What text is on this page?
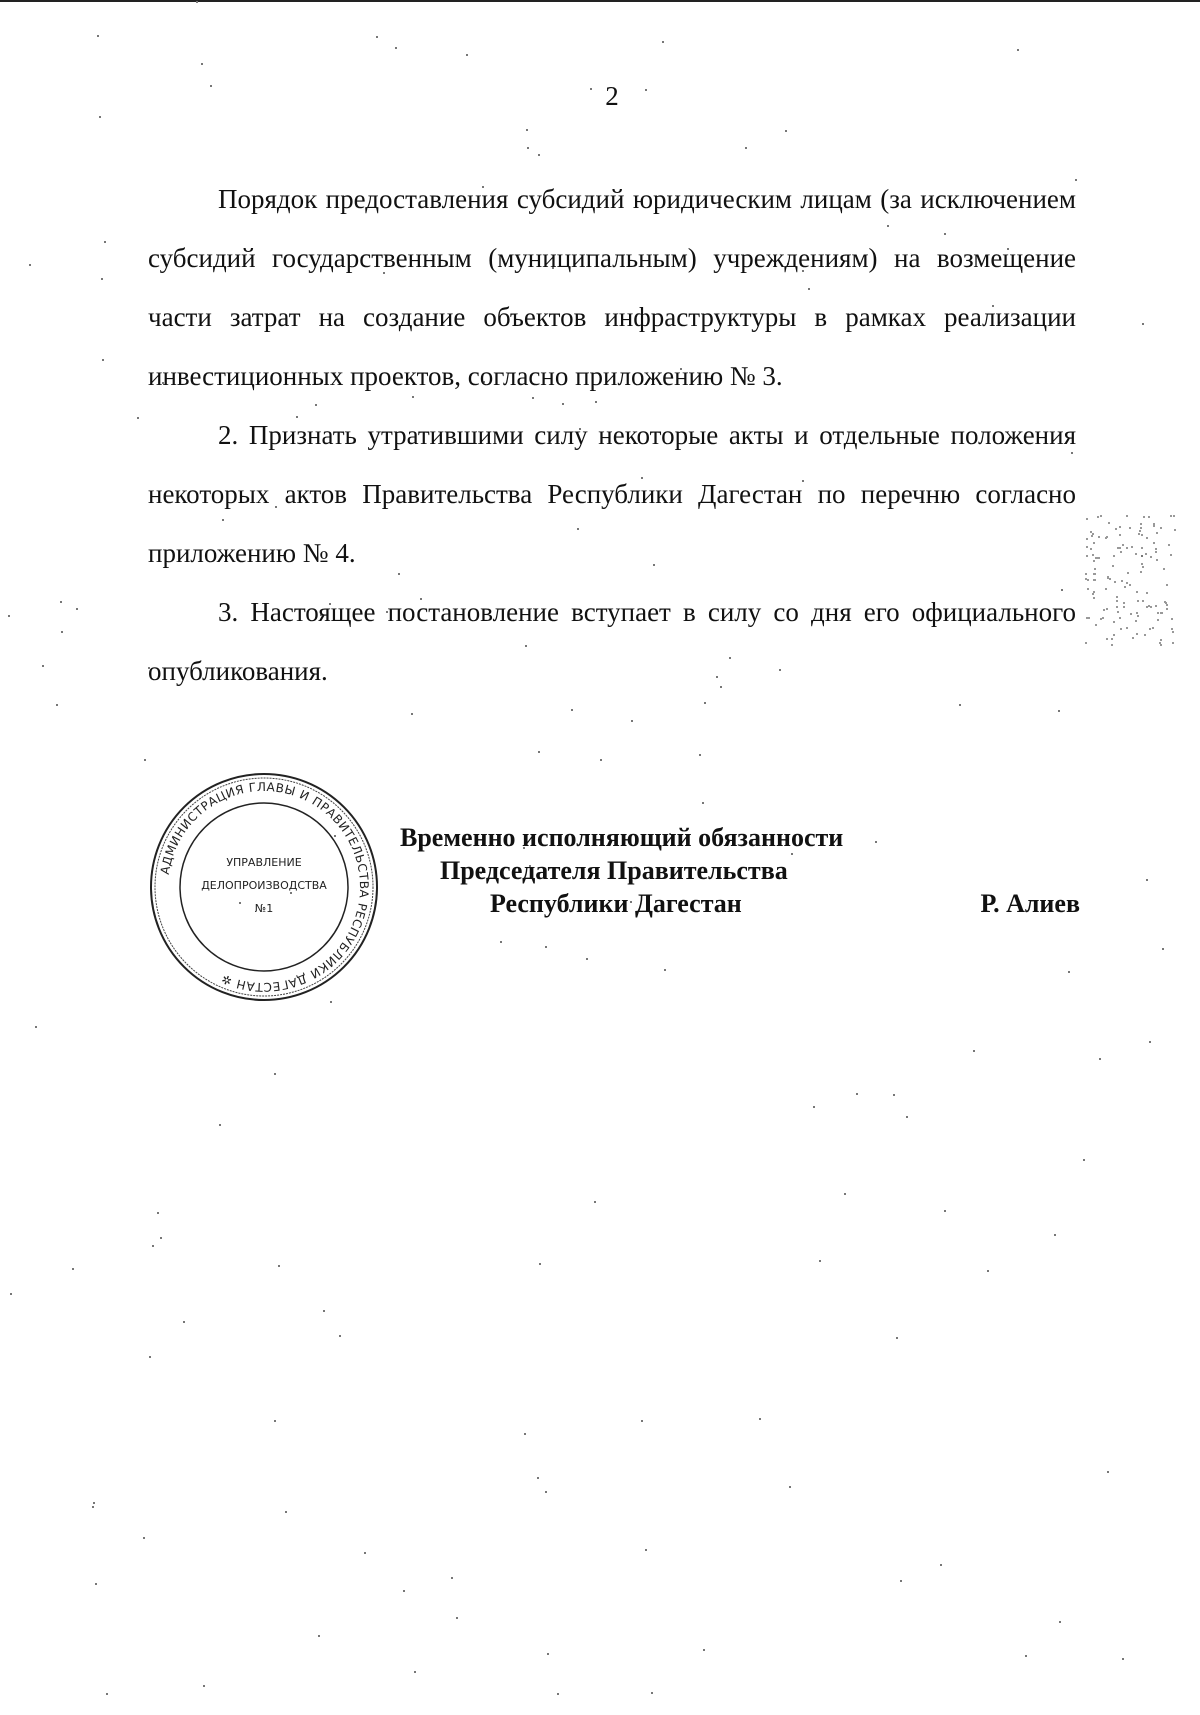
2

Порядок предоставления субсидий юридическим лицам (за исключением субсидий государственным (муниципальным) учреждениям) на возмещение части затрат на создание объектов инфраструктуры в рамках реализации инвестиционных проектов, согласно приложению № 3.

2. Признать утратившими силу некоторые акты и отдельные положения некоторых актов Правительства Республики Дагестан по перечню согласно приложению № 4.

3. Настоящее постановление вступает в силу со дня его официального опубликования.

АДМИНИСТРАЦИЯ ГЛАВЫ И ПРАВИТЕЛЬСТВА РЕСПУБЛИКИ ДАГЕСТАН ✲
УПРАВЛЕНИЕ
ДЕЛОПРОИЗВОДСТВА
№1
Временно исполняющий обязанности
Председателя Правительства
Республики Дагестан	Р. Алиев
